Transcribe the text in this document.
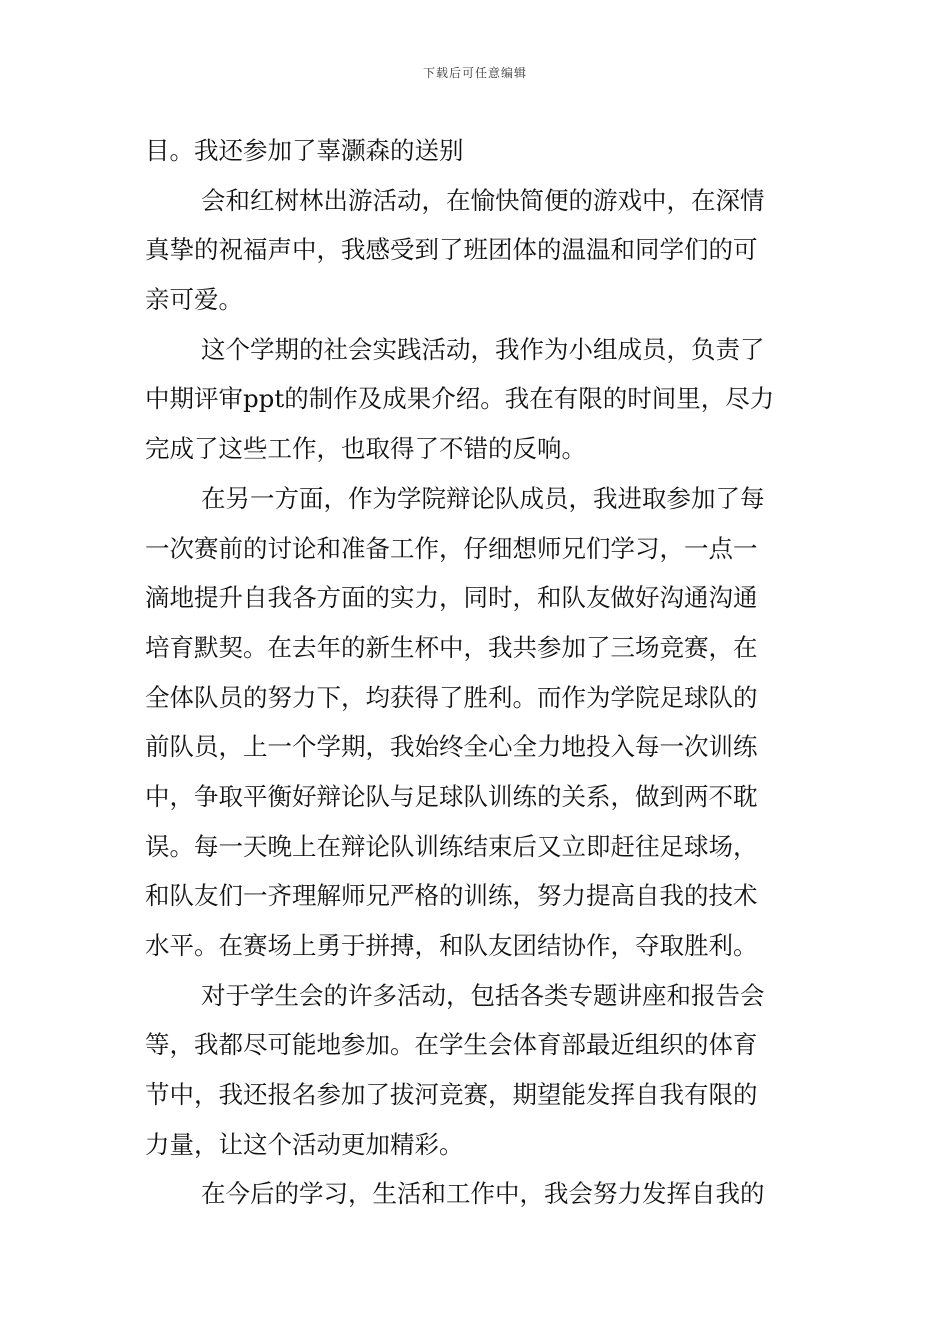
下载后可任意编辑
目。我还参加了辜灏森的送别
会和红树林出游活动，在愉快简便的游戏中，在深情
真挚的祝福声中，我感受到了班团体的温温和同学们的可
亲可爱。
这个学期的社会实践活动，我作为小组成员，负责了
中期评审ppt的制作及成果介绍。我在有限的时间里，尽力
完成了这些工作，也取得了不错的反响。
在另一方面，作为学院辩论队成员，我进取参加了每
一次赛前的讨论和准备工作，仔细想师兄们学习，一点一
滴地提升自我各方面的实力，同时，和队友做好沟通沟通
培育默契。在去年的新生杯中，我共参加了三场竞赛，在
全体队员的努力下，均获得了胜利。而作为学院足球队的
前队员，上一个学期，我始终全心全力地投入每一次训练
中，争取平衡好辩论队与足球队训练的关系，做到两不耽
误。每一天晚上在辩论队训练结束后又立即赶往足球场，
和队友们一齐理解师兄严格的训练，努力提高自我的技术
水平。在赛场上勇于拼搏，和队友团结协作，夺取胜利。
对于学生会的许多活动，包括各类专题讲座和报告会
等，我都尽可能地参加。在学生会体育部最近组织的体育
节中，我还报名参加了拔河竞赛，期望能发挥自我有限的
力量，让这个活动更加精彩。
在今后的学习，生活和工作中，我会努力发挥自我的
